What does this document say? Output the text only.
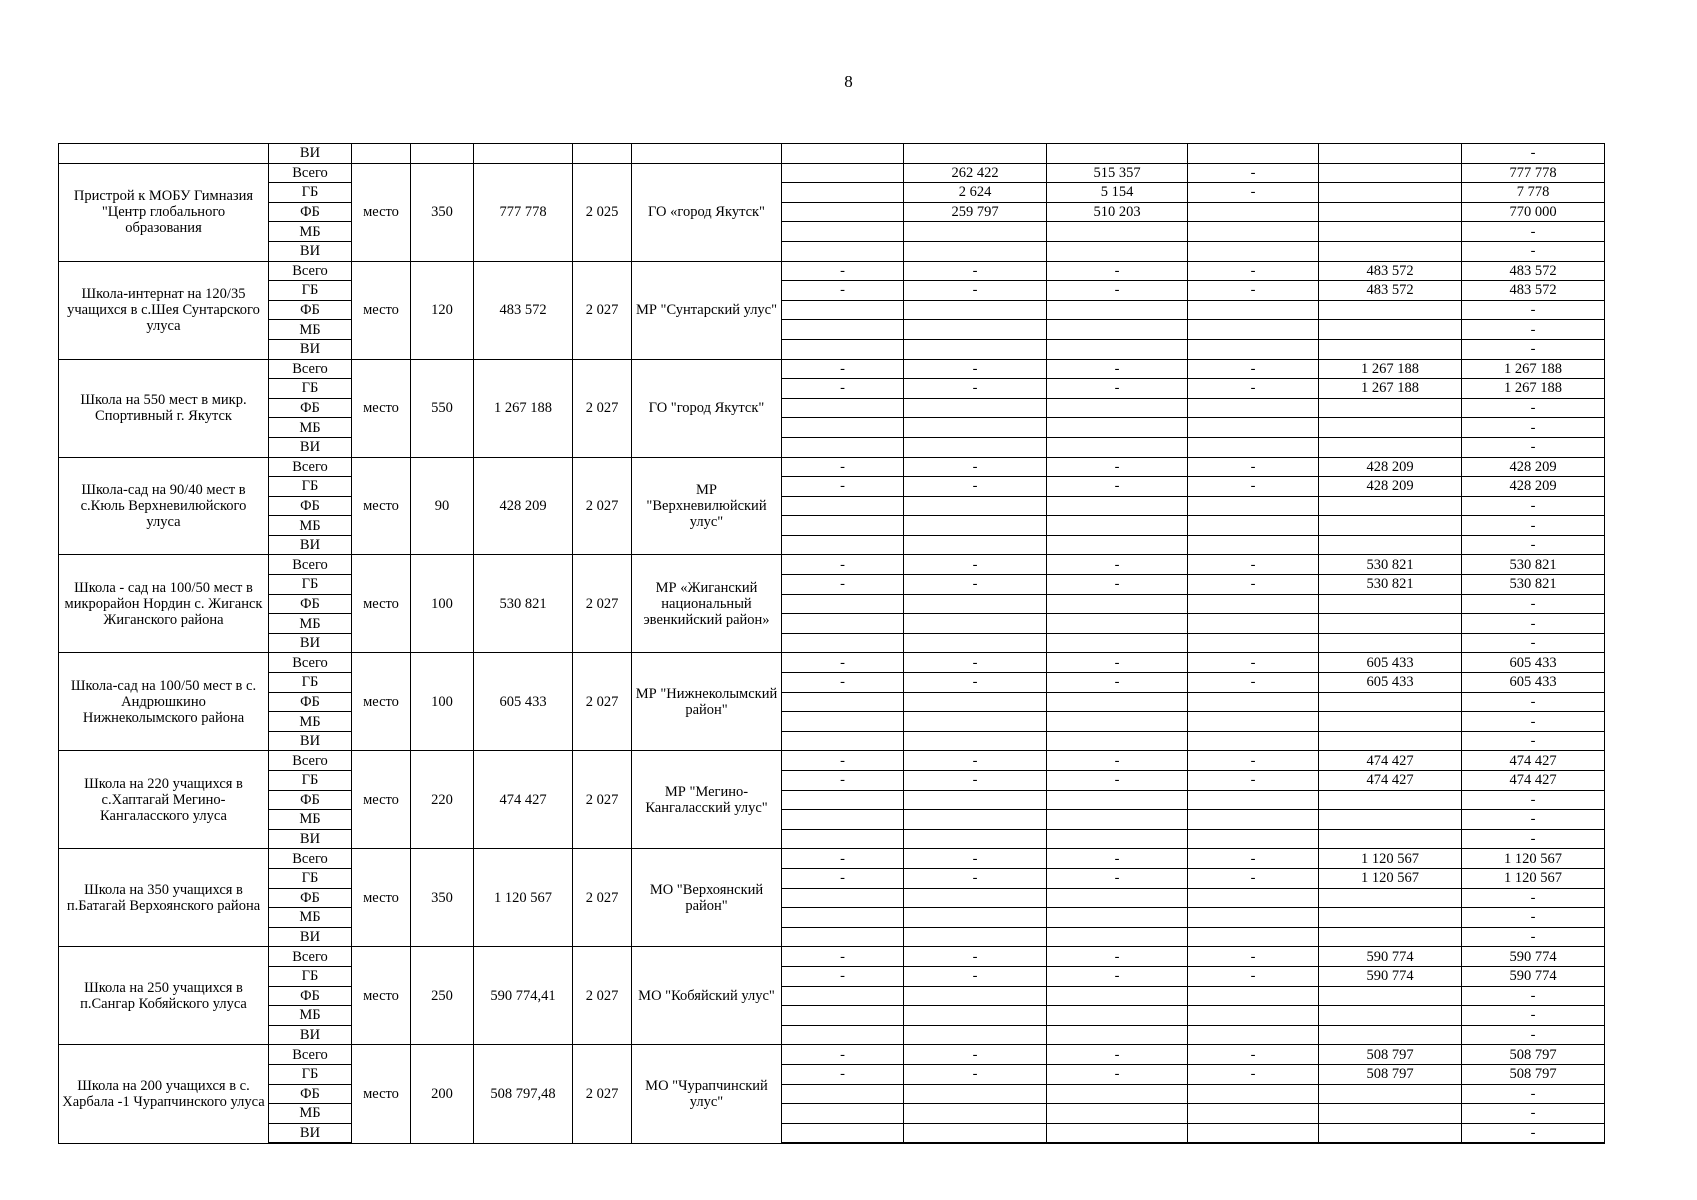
8
	ВИ											-
Пристрой к МОБУ Гимназия "Центр глобального образования	Всего	место	350	777 778	2 025	ГО «город Якутск"		262 422	515 357	-		777 778
	ГБ							2 624	5 154	-		7 778
	ФБ							259 797	510 203			770 000
	МБ											-
	ВИ											-
Школа-интернат на 120/35 учащихся в с.Шея Сунтарского улуса	Всего	место	120	483 572	2 027	МР "Сунтарский улус"	-	-	-	-	483 572	483 572
	ГБ						-	-	-	-	483 572	483 572
	ФБ											-
	МБ											-
	ВИ											-
Школа на 550 мест в микр. Спортивный г. Якутск	Всего	место	550	1 267 188	2 027	ГО "город Якутск"	-	-	-	-	1 267 188	1 267 188
	ГБ						-	-	-	-	1 267 188	1 267 188
	ФБ											-
	МБ											-
	ВИ											-
Школа-сад на 90/40 мест в с.Кюль Верхневилюйского улуса	Всего	место	90	428 209	2 027	МР "Верхневилюйский улус"	-	-	-	-	428 209	428 209
	ГБ						-	-	-	-	428 209	428 209
	ФБ											-
	МБ											-
	ВИ											-
Школа - сад на 100/50 мест в микрорайон Нордин с. Жиганск Жиганского района	Всего	место	100	530 821	2 027	МР «Жиганский национальный эвенкийский район»	-	-	-	-	530 821	530 821
	ГБ						-	-	-	-	530 821	530 821
	ФБ											-
	МБ											-
	ВИ											-
Школа-сад на 100/50 мест в с. Андрюшкино Нижнеколымского района	Всего	место	100	605 433	2 027	МР "Нижнеколымский район"	-	-	-	-	605 433	605 433
	ГБ						-	-	-	-	605 433	605 433
	ФБ											-
	МБ											-
	ВИ											-
Школа на 220 учащихся в с.Хаптагай Мегино-Кангаласского улуса	Всего	место	220	474 427	2 027	МР "Мегино-Кангаласский улус"	-	-	-	-	474 427	474 427
	ГБ						-	-	-	-	474 427	474 427
	ФБ											-
	МБ											-
	ВИ											-
Школа на 350 учащихся в п.Батагай Верхоянского района	Всего	место	350	1 120 567	2 027	МО "Верхоянский район"	-	-	-	-	1 120 567	1 120 567
	ГБ						-	-	-	-	1 120 567	1 120 567
	ФБ											-
	МБ											-
	ВИ											-
Школа на 250 учащихся в п.Сангар Кобяйского улуса	Всего	место	250	590 774,41	2 027	МО "Кобяйский улус"	-	-	-	-	590 774	590 774
	ГБ						-	-	-	-	590 774	590 774
	ФБ											-
	МБ											-
	ВИ											-
Школа на 200 учащихся в с. Харбала -1 Чурапчинского улуса	Всего	место	200	508 797,48	2 027	МО "Чурапчинский улус"	-	-	-	-	508 797	508 797
	ГБ						-	-	-	-	508 797	508 797
	ФБ											-
	МБ											-
	ВИ											-
